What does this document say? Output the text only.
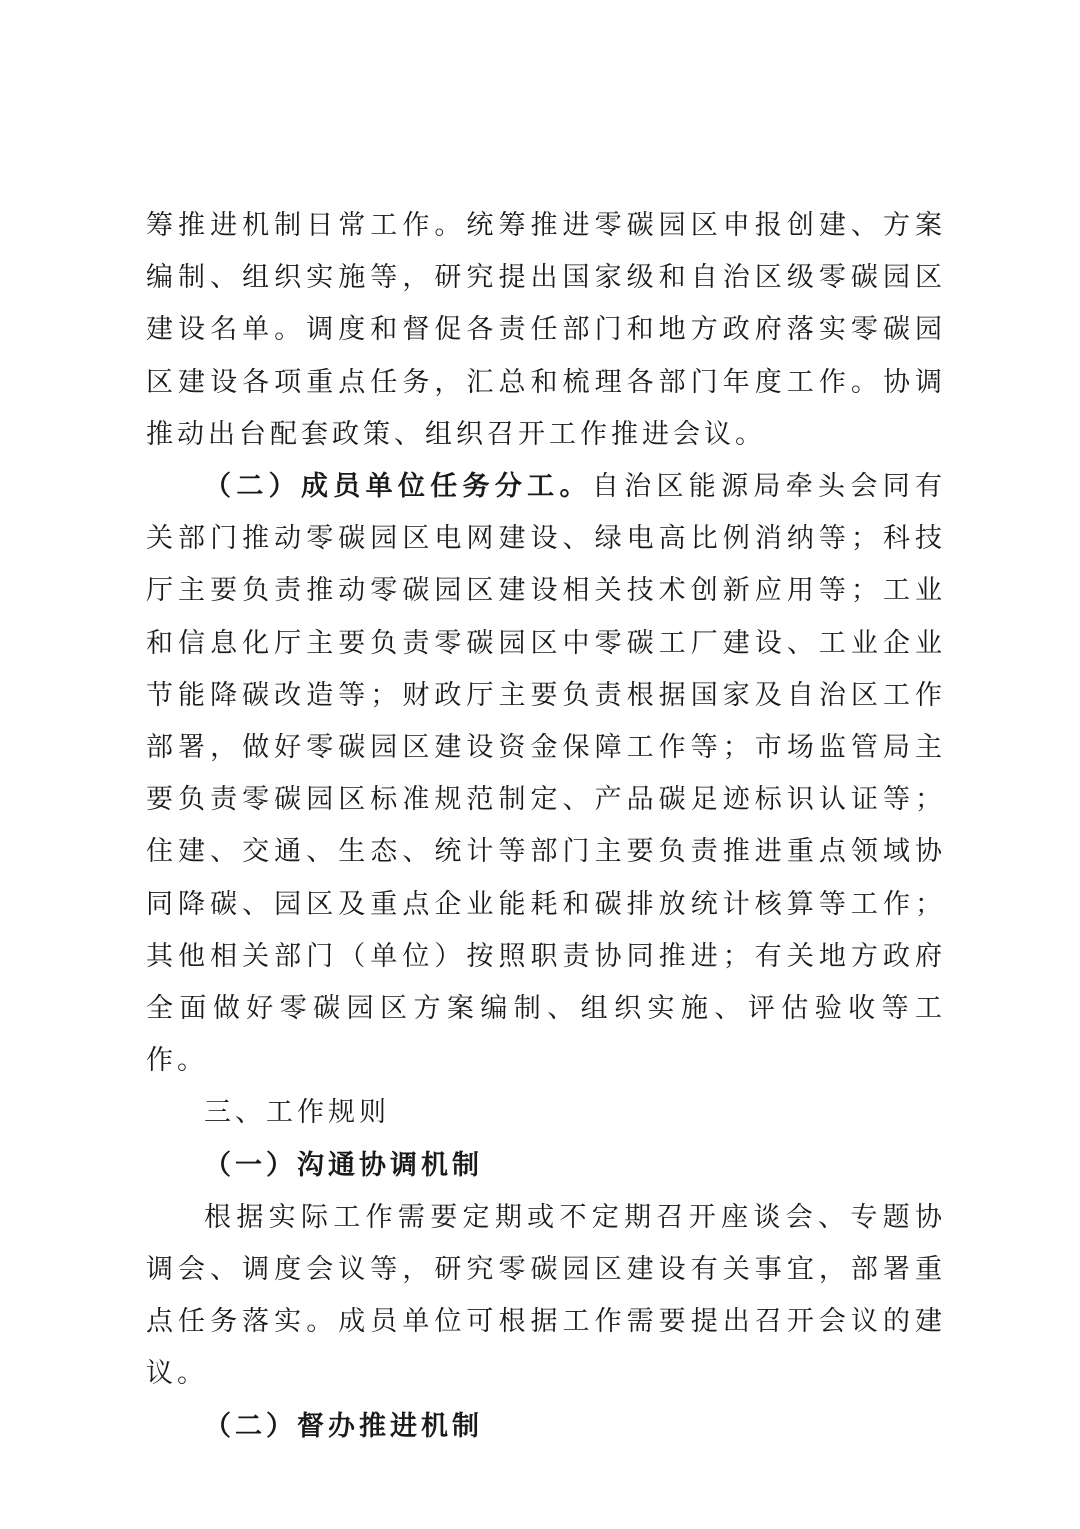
筹推进机制日常工作。统筹推进零碳园区申报创建、方案编制、组织实施等，研究提出国家级和自治区级零碳园区建设名单。调度和督促各责任部门和地方政府落实零碳园区建设各项重点任务，汇总和梳理各部门年度工作。协调推动出台配套政策、组织召开工作推进会议。

（二）成员单位任务分工。自治区能源局牵头会同有关部门推动零碳园区电网建设、绿电高比例消纳等；科技厅主要负责推动零碳园区建设相关技术创新应用等；工业和信息化厅主要负责零碳园区中零碳工厂建设、工业企业节能降碳改造等；财政厅主要负责根据国家及自治区工作部署，做好零碳园区建设资金保障工作等；市场监管局主要负责零碳园区标准规范制定、产品碳足迹标识认证等；住建、交通、生态、统计等部门主要负责推进重点领域协同降碳、园区及重点企业能耗和碳排放统计核算等工作；其他相关部门（单位）按照职责协同推进；有关地方政府全面做好零碳园区方案编制、组织实施、评估验收等工作。

三、工作规则

（一）沟通协调机制

根据实际工作需要定期或不定期召开座谈会、专题协调会、调度会议等，研究零碳园区建设有关事宜，部署重点任务落实。成员单位可根据工作需要提出召开会议的建议。

（二）督办推进机制
